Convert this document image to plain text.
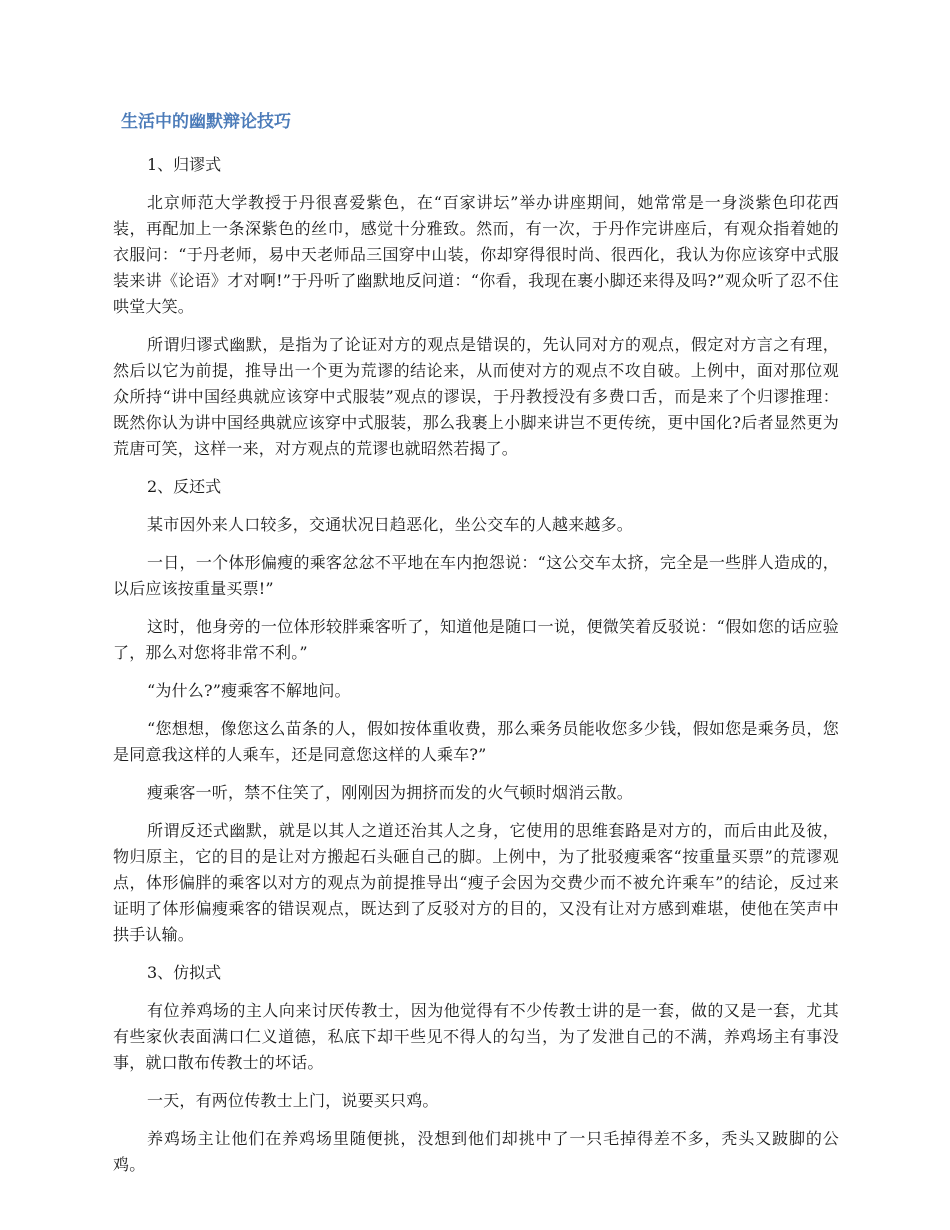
生活中的幽默辩论技巧

1、归谬式

北京师范大学教授于丹很喜爱紫色，在“百家讲坛”举办讲座期间，她常常是一身淡紫色印花西装，再配加上一条深紫色的丝巾，感觉十分雅致。然而，有一次，于丹作完讲座后，有观众指着她的衣服问：“于丹老师，易中天老师品三国穿中山装，你却穿得很时尚、很西化，我认为你应该穿中式服装来讲《论语》才对啊!”于丹听了幽默地反问道：“你看，我现在裹小脚还来得及吗?”观众听了忍不住哄堂大笑。

所谓归谬式幽默，是指为了论证对方的观点是错误的，先认同对方的观点，假定对方言之有理，然后以它为前提，推导出一个更为荒谬的结论来，从而使对方的观点不攻自破。上例中，面对那位观众所持“讲中国经典就应该穿中式服装”观点的谬误，于丹教授没有多费口舌，而是来了个归谬推理：既然你认为讲中国经典就应该穿中式服装，那么我裹上小脚来讲岂不更传统，更中国化?后者显然更为荒唐可笑，这样一来，对方观点的荒谬也就昭然若揭了。

2、反还式

某市因外来人口较多，交通状况日趋恶化，坐公交车的人越来越多。

一日，一个体形偏瘦的乘客忿忿不平地在车内抱怨说：“这公交车太挤，完全是一些胖人造成的，以后应该按重量买票!”

这时，他身旁的一位体形较胖乘客听了，知道他是随口一说，便微笑着反驳说：“假如您的话应验了，那么对您将非常不利。”

“为什么?”瘦乘客不解地问。

“您想想，像您这么苗条的人，假如按体重收费，那么乘务员能收您多少钱，假如您是乘务员，您是同意我这样的人乘车，还是同意您这样的人乘车?”

瘦乘客一听，禁不住笑了，刚刚因为拥挤而发的火气顿时烟消云散。

所谓反还式幽默，就是以其人之道还治其人之身，它使用的思维套路是对方的，而后由此及彼，物归原主，它的目的是让对方搬起石头砸自己的脚。上例中，为了批驳瘦乘客“按重量买票”的荒谬观点，体形偏胖的乘客以对方的观点为前提推导出“瘦子会因为交费少而不被允许乘车”的结论，反过来证明了体形偏瘦乘客的错误观点，既达到了反驳对方的目的，又没有让对方感到难堪，使他在笑声中拱手认输。

3、仿拟式

有位养鸡场的主人向来讨厌传教士，因为他觉得有不少传教士讲的是一套，做的又是一套，尤其有些家伙表面满口仁义道德，私底下却干些见不得人的勾当，为了发泄自己的不满，养鸡场主有事没事，就口散布传教士的坏话。

一天，有两位传教士上门，说要买只鸡。

养鸡场主让他们在养鸡场里随便挑，没想到他们却挑中了一只毛掉得差不多，秃头又跛脚的公鸡。
